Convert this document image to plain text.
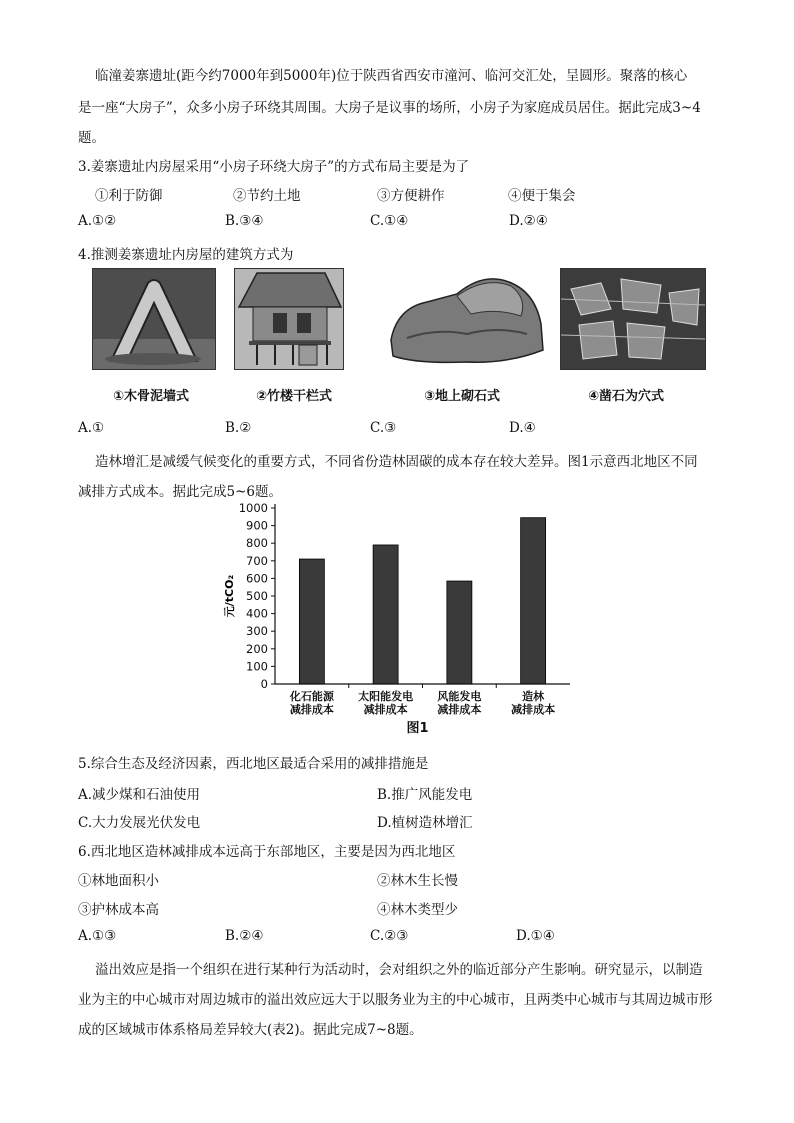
临潼姜寨遗址(距今约7000年到5000年)位于陕西省西安市潼河、临河交汇处，呈圆形。聚落的核心
是一座“大房子”，众多小房子环绕其周围。大房子是议事的场所，小房子为家庭成员居住。据此完成3~4
题。
3.姜寨遗址内房屋采用“小房子环绕大房子”的方式布局主要是为了
①利于防御	②节约土地	③方便耕作	④便于集会
A.①②	B.③④	C.①④	D.②④
4.推测姜寨遗址内房屋的建筑方式为
①木骨泥墙式	②竹楼干栏式	③地上砌石式	④凿石为穴式
A.①	B.②	C.③	D.④
造林增汇是减缓气候变化的重要方式，不同省份造林固碳的成本存在较大差异。图1示意西北地区不同
减排方式成本。据此完成5~6题。
0
100
200
300
400
500
600
700
800
900
1000
元/tCO₂
化石能源
减排成本
太阳能发电
减排成本
风能发电
减排成本
造林
减排成本
图1
5.综合生态及经济因素，西北地区最适合采用的减排措施是
A.减少煤和石油使用	B.推广风能发电
C.大力发展光伏发电	D.植树造林增汇
6.西北地区造林减排成本远高于东部地区，主要是因为西北地区
①林地面积小	②林木生长慢
③护林成本高	④林木类型少
A.①③	B.②④	C.②③	D.①④
溢出效应是指一个组织在进行某种行为活动时，会对组织之外的临近部分产生影响。研究显示，以制造
业为主的中心城市对周边城市的溢出效应远大于以服务业为主的中心城市，且两类中心城市与其周边城市形
成的区域城市体系格局差异较大(表2)。据此完成7~8题。
